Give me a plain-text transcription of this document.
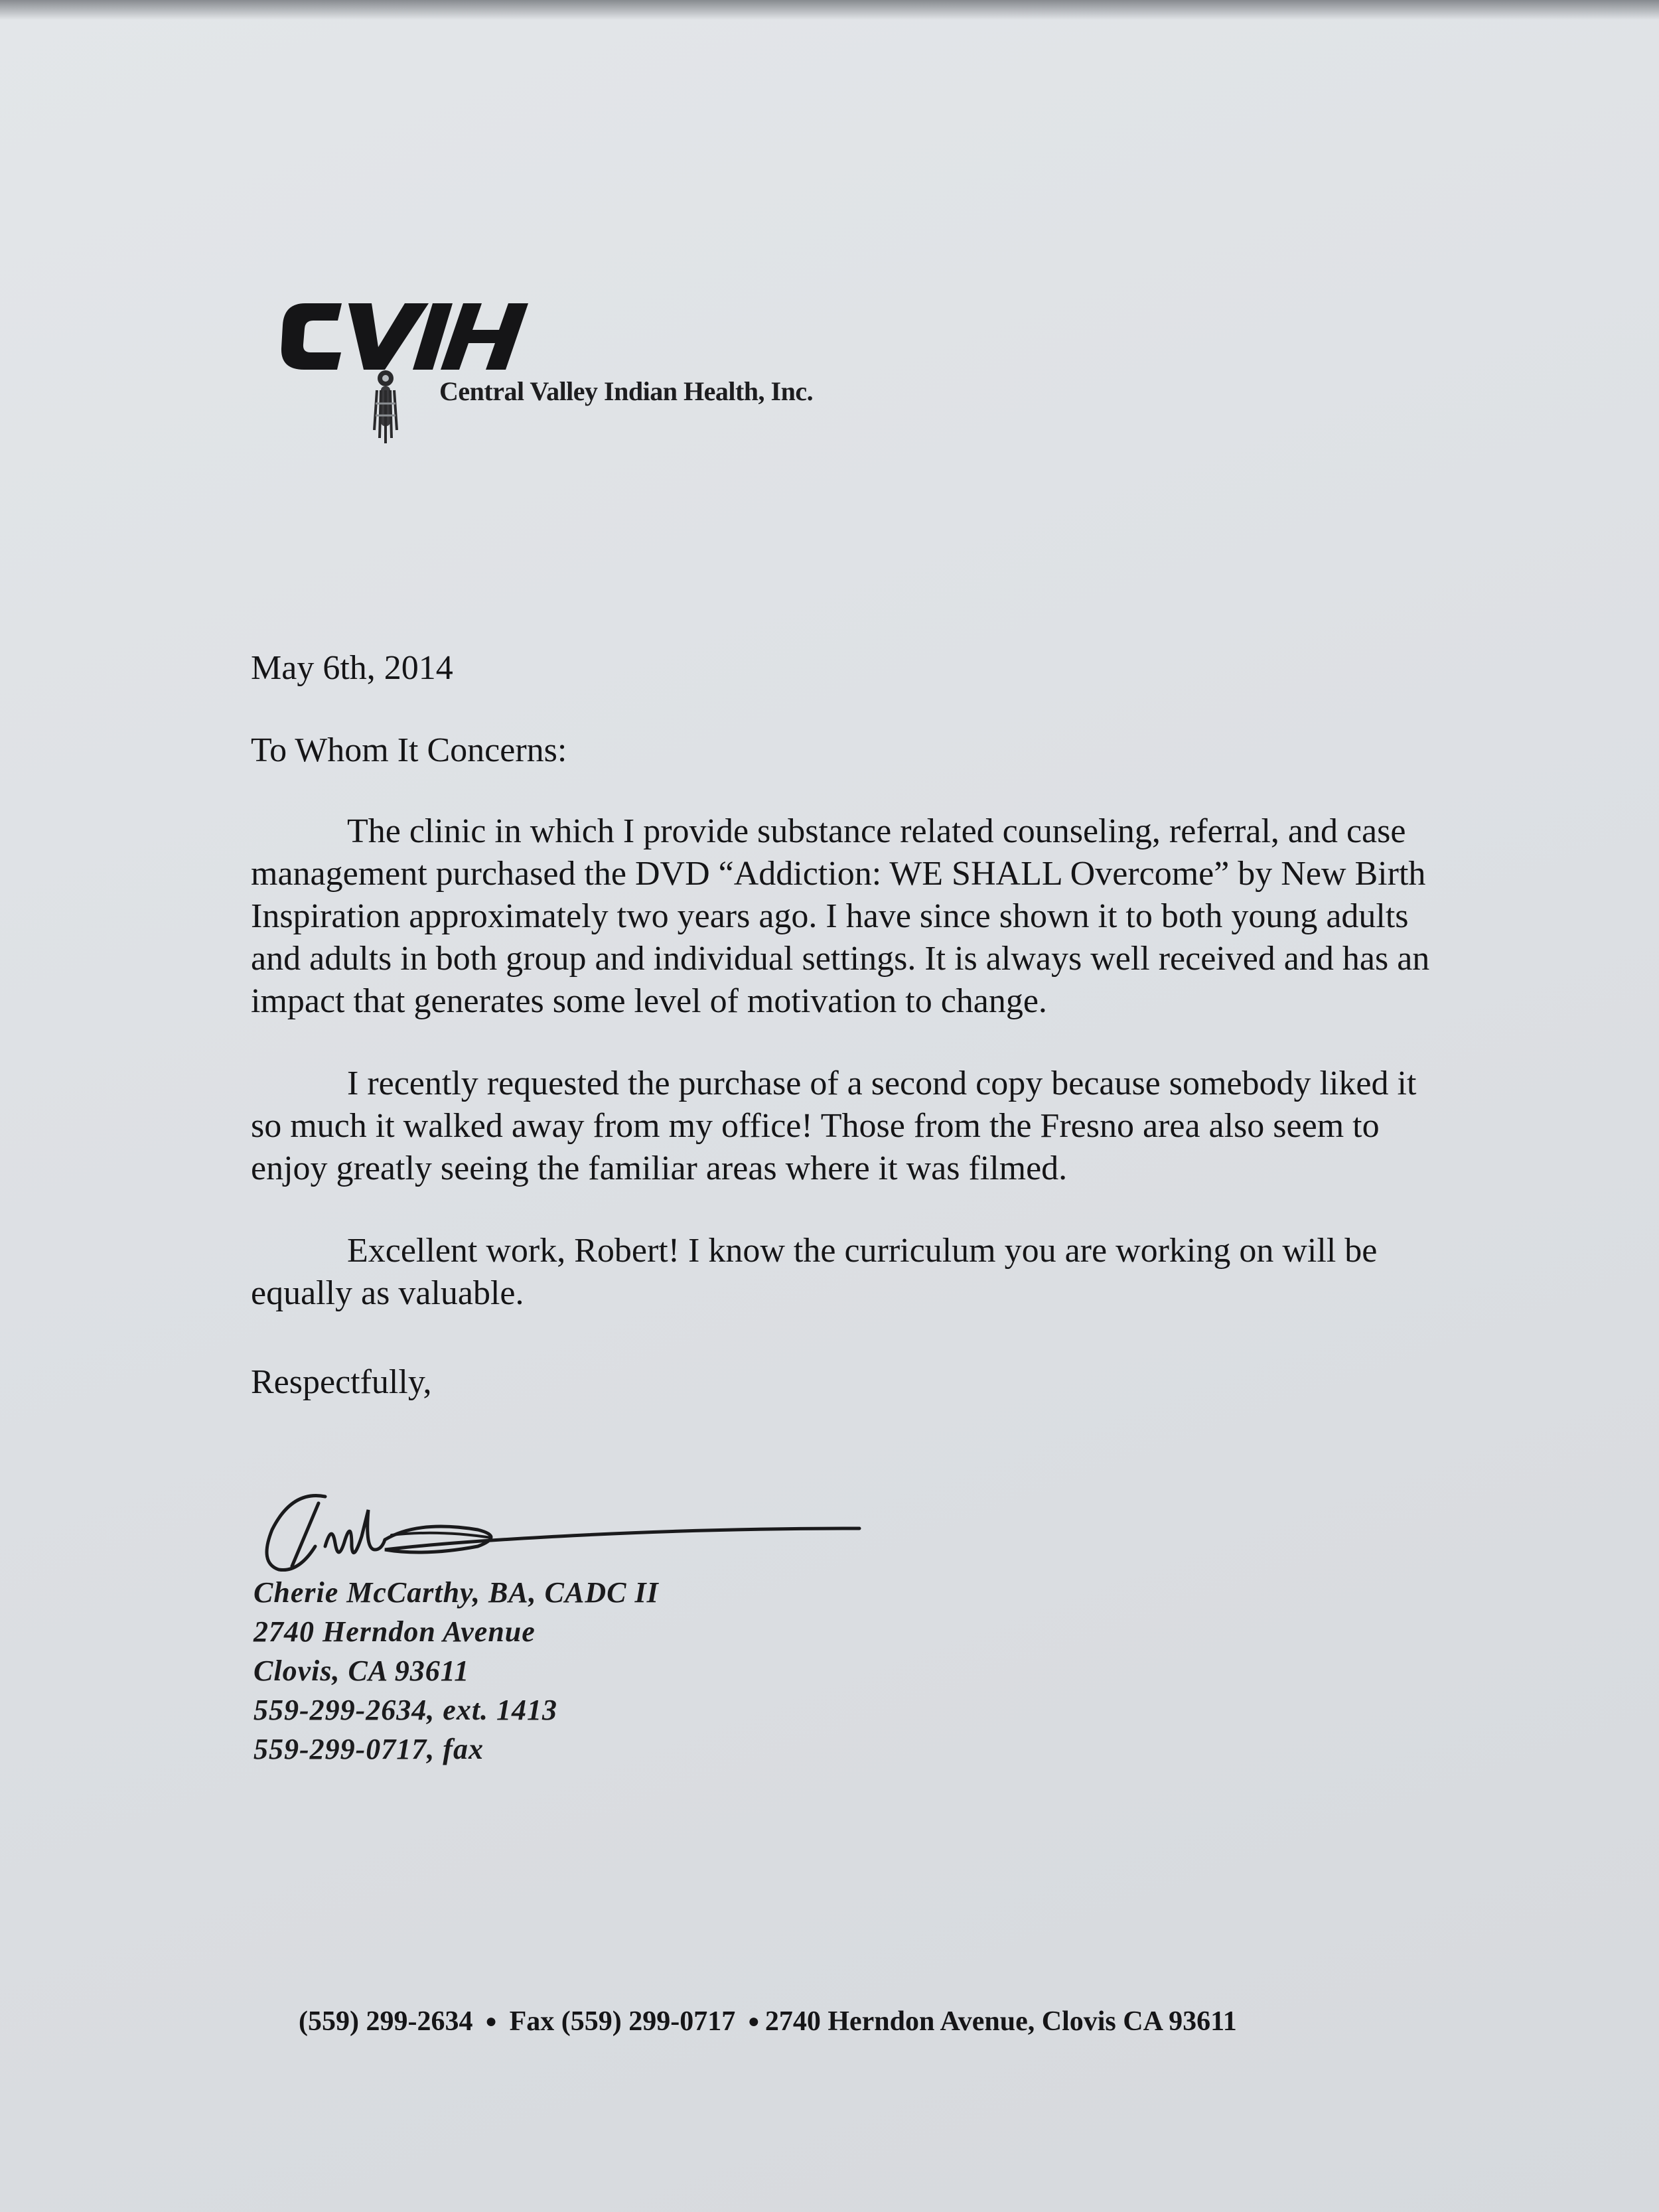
Central Valley Indian Health, Inc.
May 6th, 2014
To Whom It Concerns:

The clinic in which I provide substance related counseling, referral, and case management purchased the DVD “Addiction: WE SHALL Overcome” by New Birth Inspiration approximately two years ago. I have since shown it to both young adults and adults in both group and individual settings. It is always well received and has an impact that generates some level of motivation to change.

I recently requested the purchase of a second copy because somebody liked it so much it walked away from my office! Those from the Fresno area also seem to enjoy greatly seeing the familiar areas where it was filmed.

Excellent work, Robert! I know the curriculum you are working on will be equally as valuable.

Respectfully,
Cherie McCarthy, BA, CADC II
2740 Herndon Avenue
Clovis, CA 93611
559-299-2634, ext. 1413
559-299-0717, fax
(559) 299-2634 ● Fax (559) 299-0717 ● 2740 Herndon Avenue, Clovis CA 93611
